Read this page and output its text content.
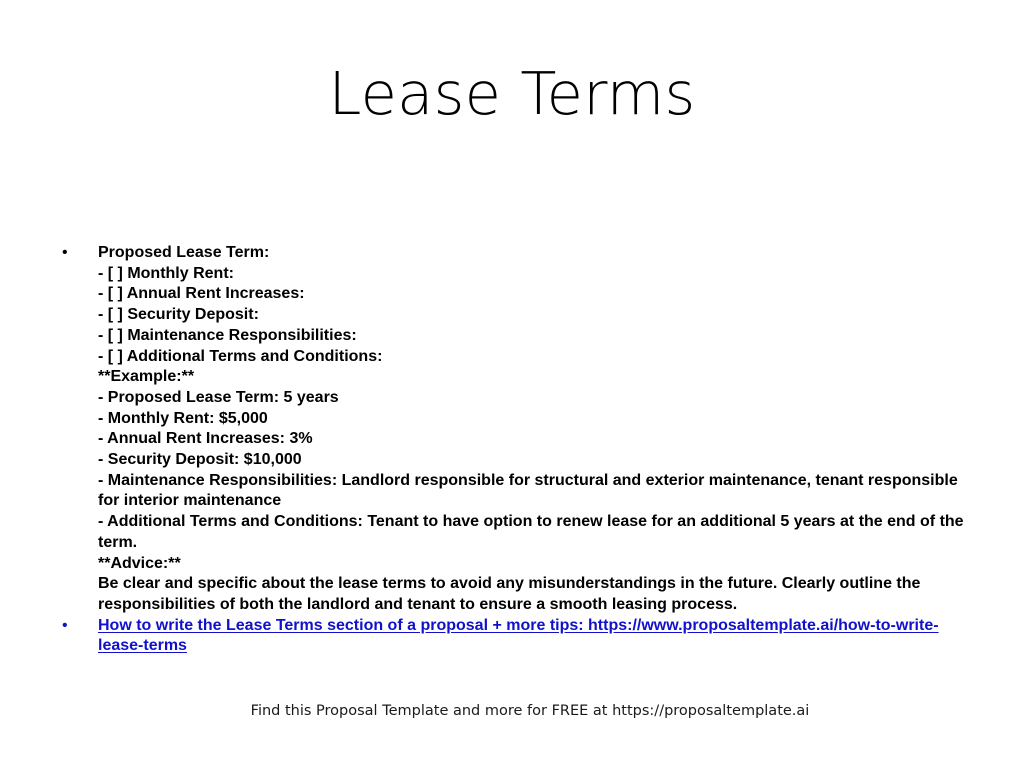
Lease Terms
• Proposed Lease Term:
- [ ] Monthly Rent:
- [ ] Annual Rent Increases:
- [ ] Security Deposit:
- [ ] Maintenance Responsibilities:
- [ ] Additional Terms and Conditions:
**Example:**
- Proposed Lease Term: 5 years
- Monthly Rent: $5,000
- Annual Rent Increases: 3%
- Security Deposit: $10,000
- Maintenance Responsibilities: Landlord responsible for structural and exterior maintenance, tenant responsible for interior maintenance
- Additional Terms and Conditions: Tenant to have option to renew lease for an additional 5 years at the end of the term.
**Advice:**
Be clear and specific about the lease terms to avoid any misunderstandings in the future. Clearly outline the responsibilities of both the landlord and tenant to ensure a smooth leasing process.
• How to write the Lease Terms section of a proposal + more tips: https://www.proposaltemplate.ai/how-to-write-lease-terms
Find this Proposal Template and more for FREE at https://proposaltemplate.ai
